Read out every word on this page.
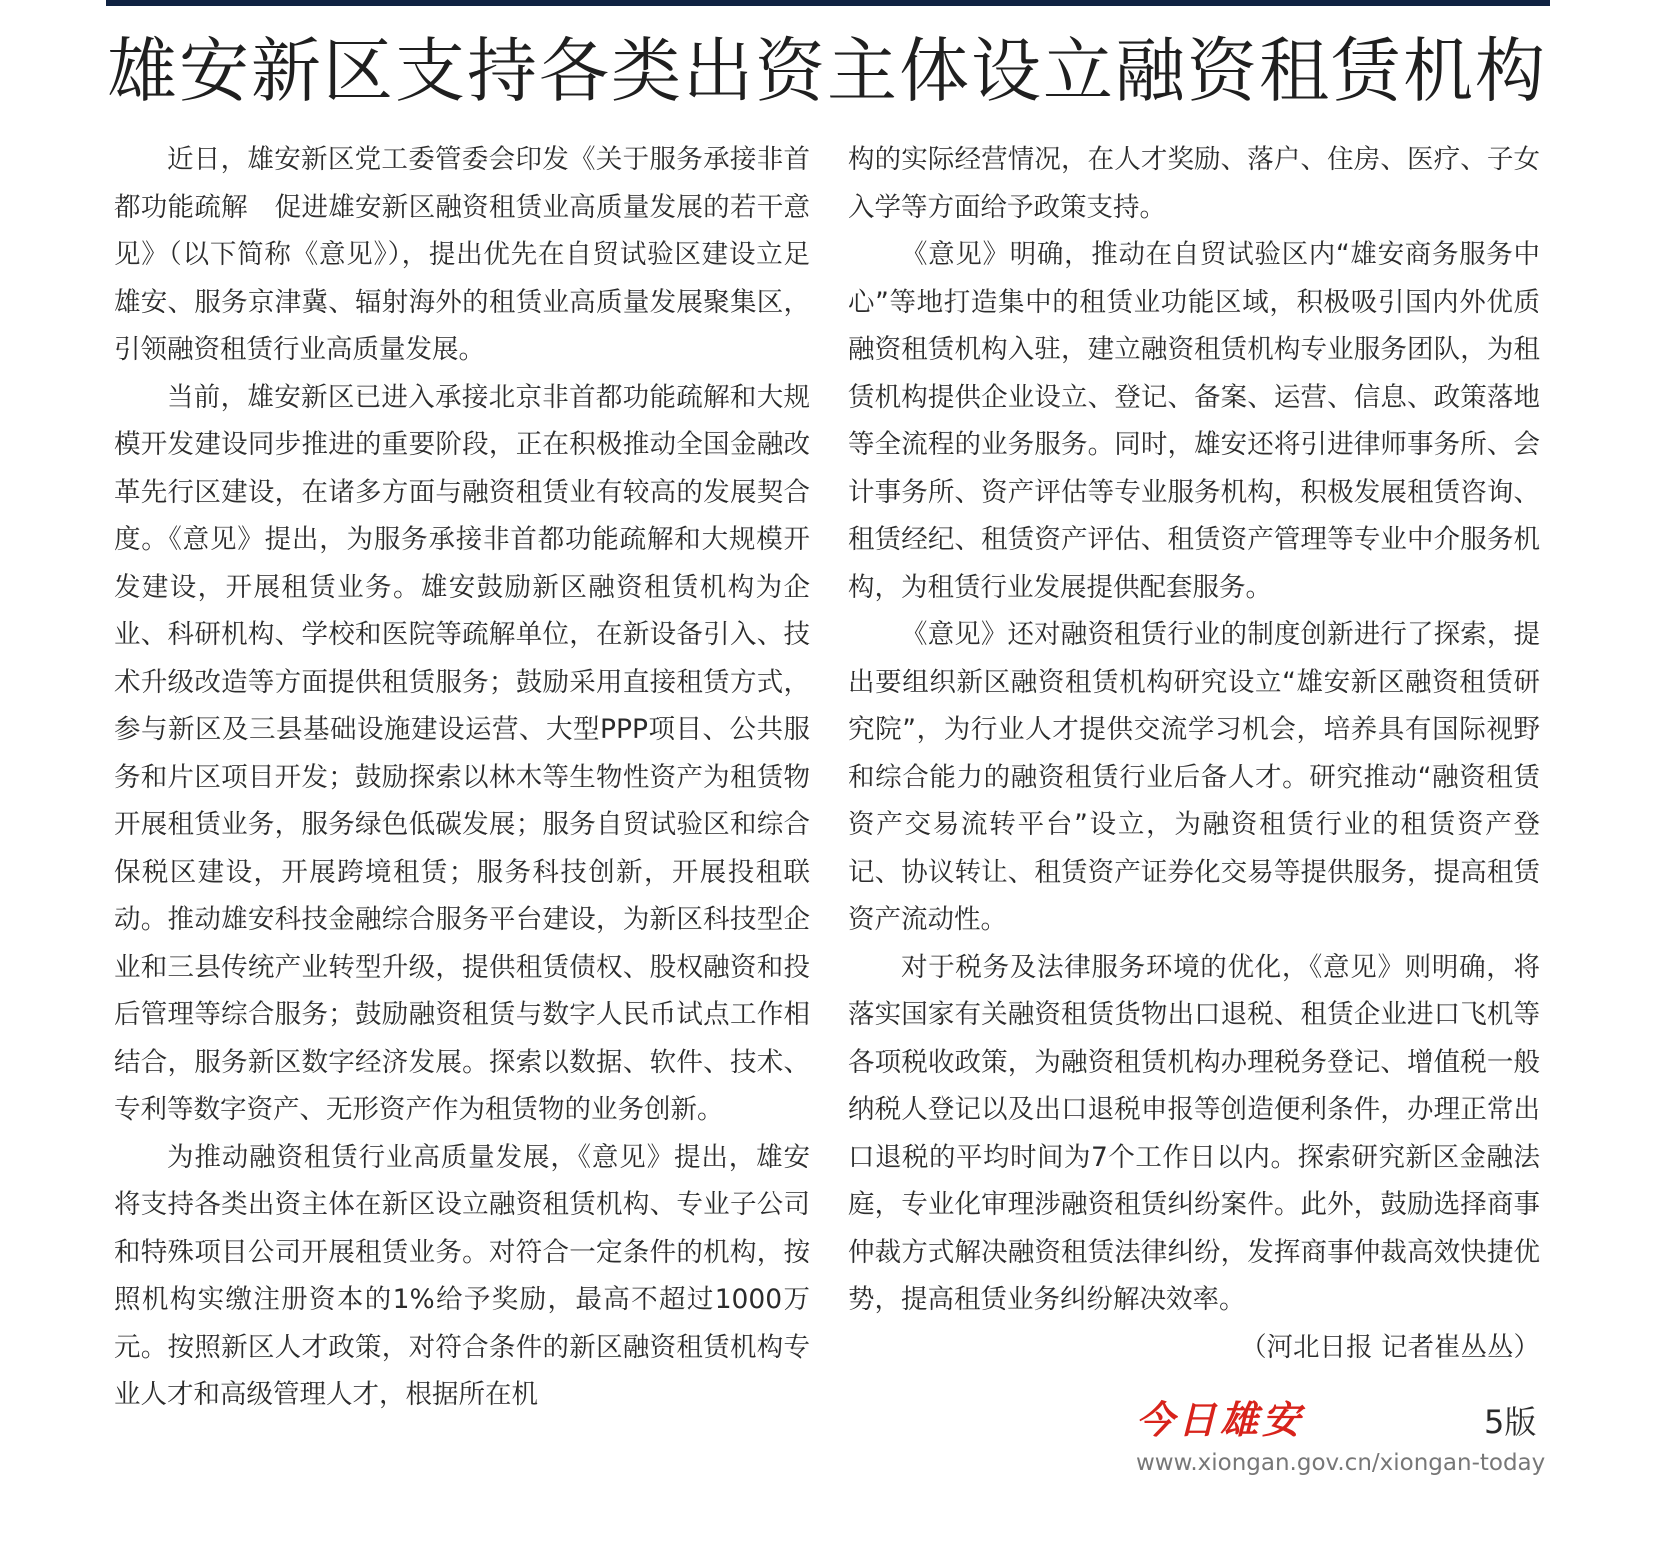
雄安新区支持各类出资主体设立融资租赁机构

近日，雄安新区党工委管委会印发《关于服务承接非首都功能疏解　促进雄安新区融资租赁业高质量发展的若干意见》（以下简称《意见》），提出优先在自贸试验区建设立足雄安、服务京津冀、辐射海外的租赁业高质量发展聚集区，引领融资租赁行业高质量发展。

当前，雄安新区已进入承接北京非首都功能疏解和大规模开发建设同步推进的重要阶段，正在积极推动全国金融改革先行区建设，在诸多方面与融资租赁业有较高的发展契合度。《意见》提出，为服务承接非首都功能疏解和大规模开发建设，开展租赁业务。雄安鼓励新区融资租赁机构为企业、科研机构、学校和医院等疏解单位，在新设备引入、技术升级改造等方面提供租赁服务；鼓励采用直接租赁方式，参与新区及三县基础设施建设运营、大型PPP项目、公共服务和片区项目开发；鼓励探索以林木等生物性资产为租赁物开展租赁业务，服务绿色低碳发展；服务自贸试验区和综合保税区建设，开展跨境租赁；服务科技创新，开展投租联动。推动雄安科技金融综合服务平台建设，为新区科技型企业和三县传统产业转型升级，提供租赁债权、股权融资和投后管理等综合服务；鼓励融资租赁与数字人民币试点工作相结合，服务新区数字经济发展。探索以数据、软件、技术、专利等数字资产、无形资产作为租赁物的业务创新。

为推动融资租赁行业高质量发展，《意见》提出，雄安将支持各类出资主体在新区设立融资租赁机构、专业子公司和特殊项目公司开展租赁业务。对符合一定条件的机构，按照机构实缴注册资本的1%给予奖励，最高不超过1000万元。按照新区人才政策，对符合条件的新区融资租赁机构专业人才和高级管理人才，根据所在机

构的实际经营情况，在人才奖励、落户、住房、医疗、子女入学等方面给予政策支持。

《意见》明确，推动在自贸试验区内“雄安商务服务中心”等地打造集中的租赁业功能区域，积极吸引国内外优质融资租赁机构入驻，建立融资租赁机构专业服务团队，为租赁机构提供企业设立、登记、备案、运营、信息、政策落地等全流程的业务服务。同时，雄安还将引进律师事务所、会计事务所、资产评估等专业服务机构，积极发展租赁咨询、租赁经纪、租赁资产评估、租赁资产管理等专业中介服务机构，为租赁行业发展提供配套服务。

《意见》还对融资租赁行业的制度创新进行了探索，提出要组织新区融资租赁机构研究设立“雄安新区融资租赁研究院”，为行业人才提供交流学习机会，培养具有国际视野和综合能力的融资租赁行业后备人才。研究推动“融资租赁资产交易流转平台”设立，为融资租赁行业的租赁资产登记、协议转让、租赁资产证券化交易等提供服务，提高租赁资产流动性。

对于税务及法律服务环境的优化，《意见》则明确，将落实国家有关融资租赁货物出口退税、租赁企业进口飞机等各项税收政策，为融资租赁机构办理税务登记、增值税一般纳税人登记以及出口退税申报等创造便利条件，办理正常出口退税的平均时间为7个工作日以内。探索研究新区金融法庭，专业化审理涉融资租赁纠纷案件。此外，鼓励选择商事仲裁方式解决融资租赁法律纠纷，发挥商事仲裁高效快捷优势，提高租赁业务纠纷解决效率。
（河北日报 记者崔丛丛）

今日雄安	5版
www.xiongan.gov.cn/xiongan-today
